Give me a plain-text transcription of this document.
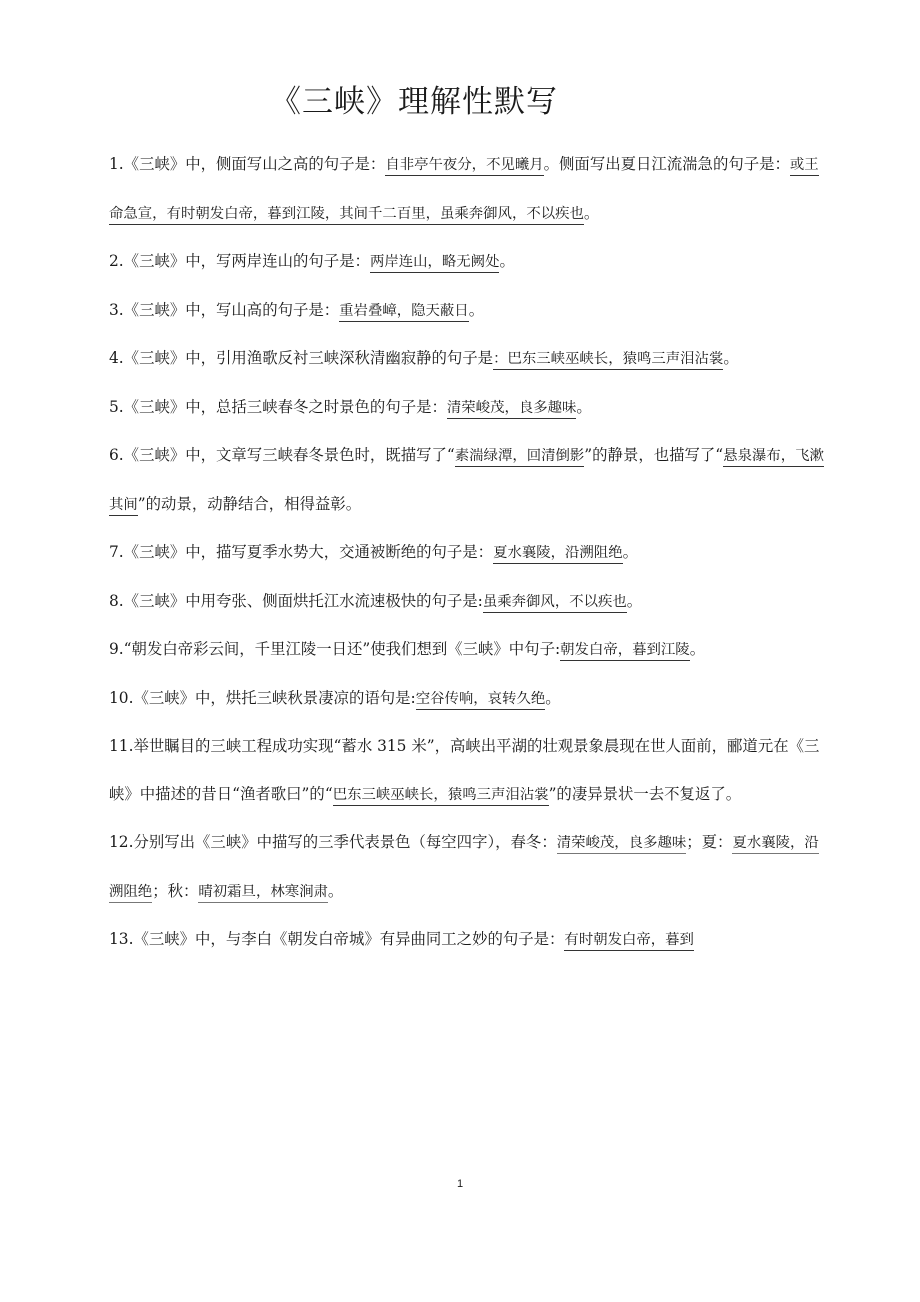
《三峡》理解性默写

1.《三峡》中，侧面写山之高的句子是：自非亭午夜分，不见曦月。侧面写出夏日江流湍急的句子是：或王命急宣，有时朝发白帝，暮到江陵，其间千二百里，虽乘奔御风，不以疾也。

2.《三峡》中，写两岸连山的句子是：两岸连山，略无阙处。

3.《三峡》中，写山高的句子是：重岩叠嶂，隐天蔽日。

4.《三峡》中，引用渔歌反衬三峡深秋清幽寂静的句子是：巴东三峡巫峡长，猿鸣三声泪沾裳。

5.《三峡》中，总括三峡春冬之时景色的句子是：清荣峻茂，良多趣味。

6.《三峡》中，文章写三峡春冬景色时，既描写了“素湍绿潭，回清倒影”的静景，也描写了“悬泉瀑布，飞漱其间”的动景，动静结合，相得益彰。

7.《三峡》中，描写夏季水势大，交通被断绝的句子是：夏水襄陵，沿溯阻绝。

8.《三峡》中用夸张、侧面烘托江水流速极快的句子是:虽乘奔御风，不以疾也。

9.“朝发白帝彩云间，千里江陵一日还”使我们想到《三峡》中句子:朝发白帝，暮到江陵。

10.《三峡》中，烘托三峡秋景凄凉的语句是:空谷传响，哀转久绝。

11.举世瞩目的三峡工程成功实现“蓄水 315 米”，高峡出平湖的壮观景象晨现在世人面前，郦道元在《三峡》中描述的昔日“渔者歌曰”的“巴东三峡巫峡长，猿鸣三声泪沾裳”的凄异景状一去不复返了。

12.分别写出《三峡》中描写的三季代表景色（每空四字），春冬：清荣峻茂，良多趣味；夏：夏水襄陵，沿溯阻绝；秋：晴初霜旦，林寒涧肃。

13.《三峡》中，与李白《朝发白帝城》有异曲同工之妙的句子是：有时朝发白帝，暮到

1
